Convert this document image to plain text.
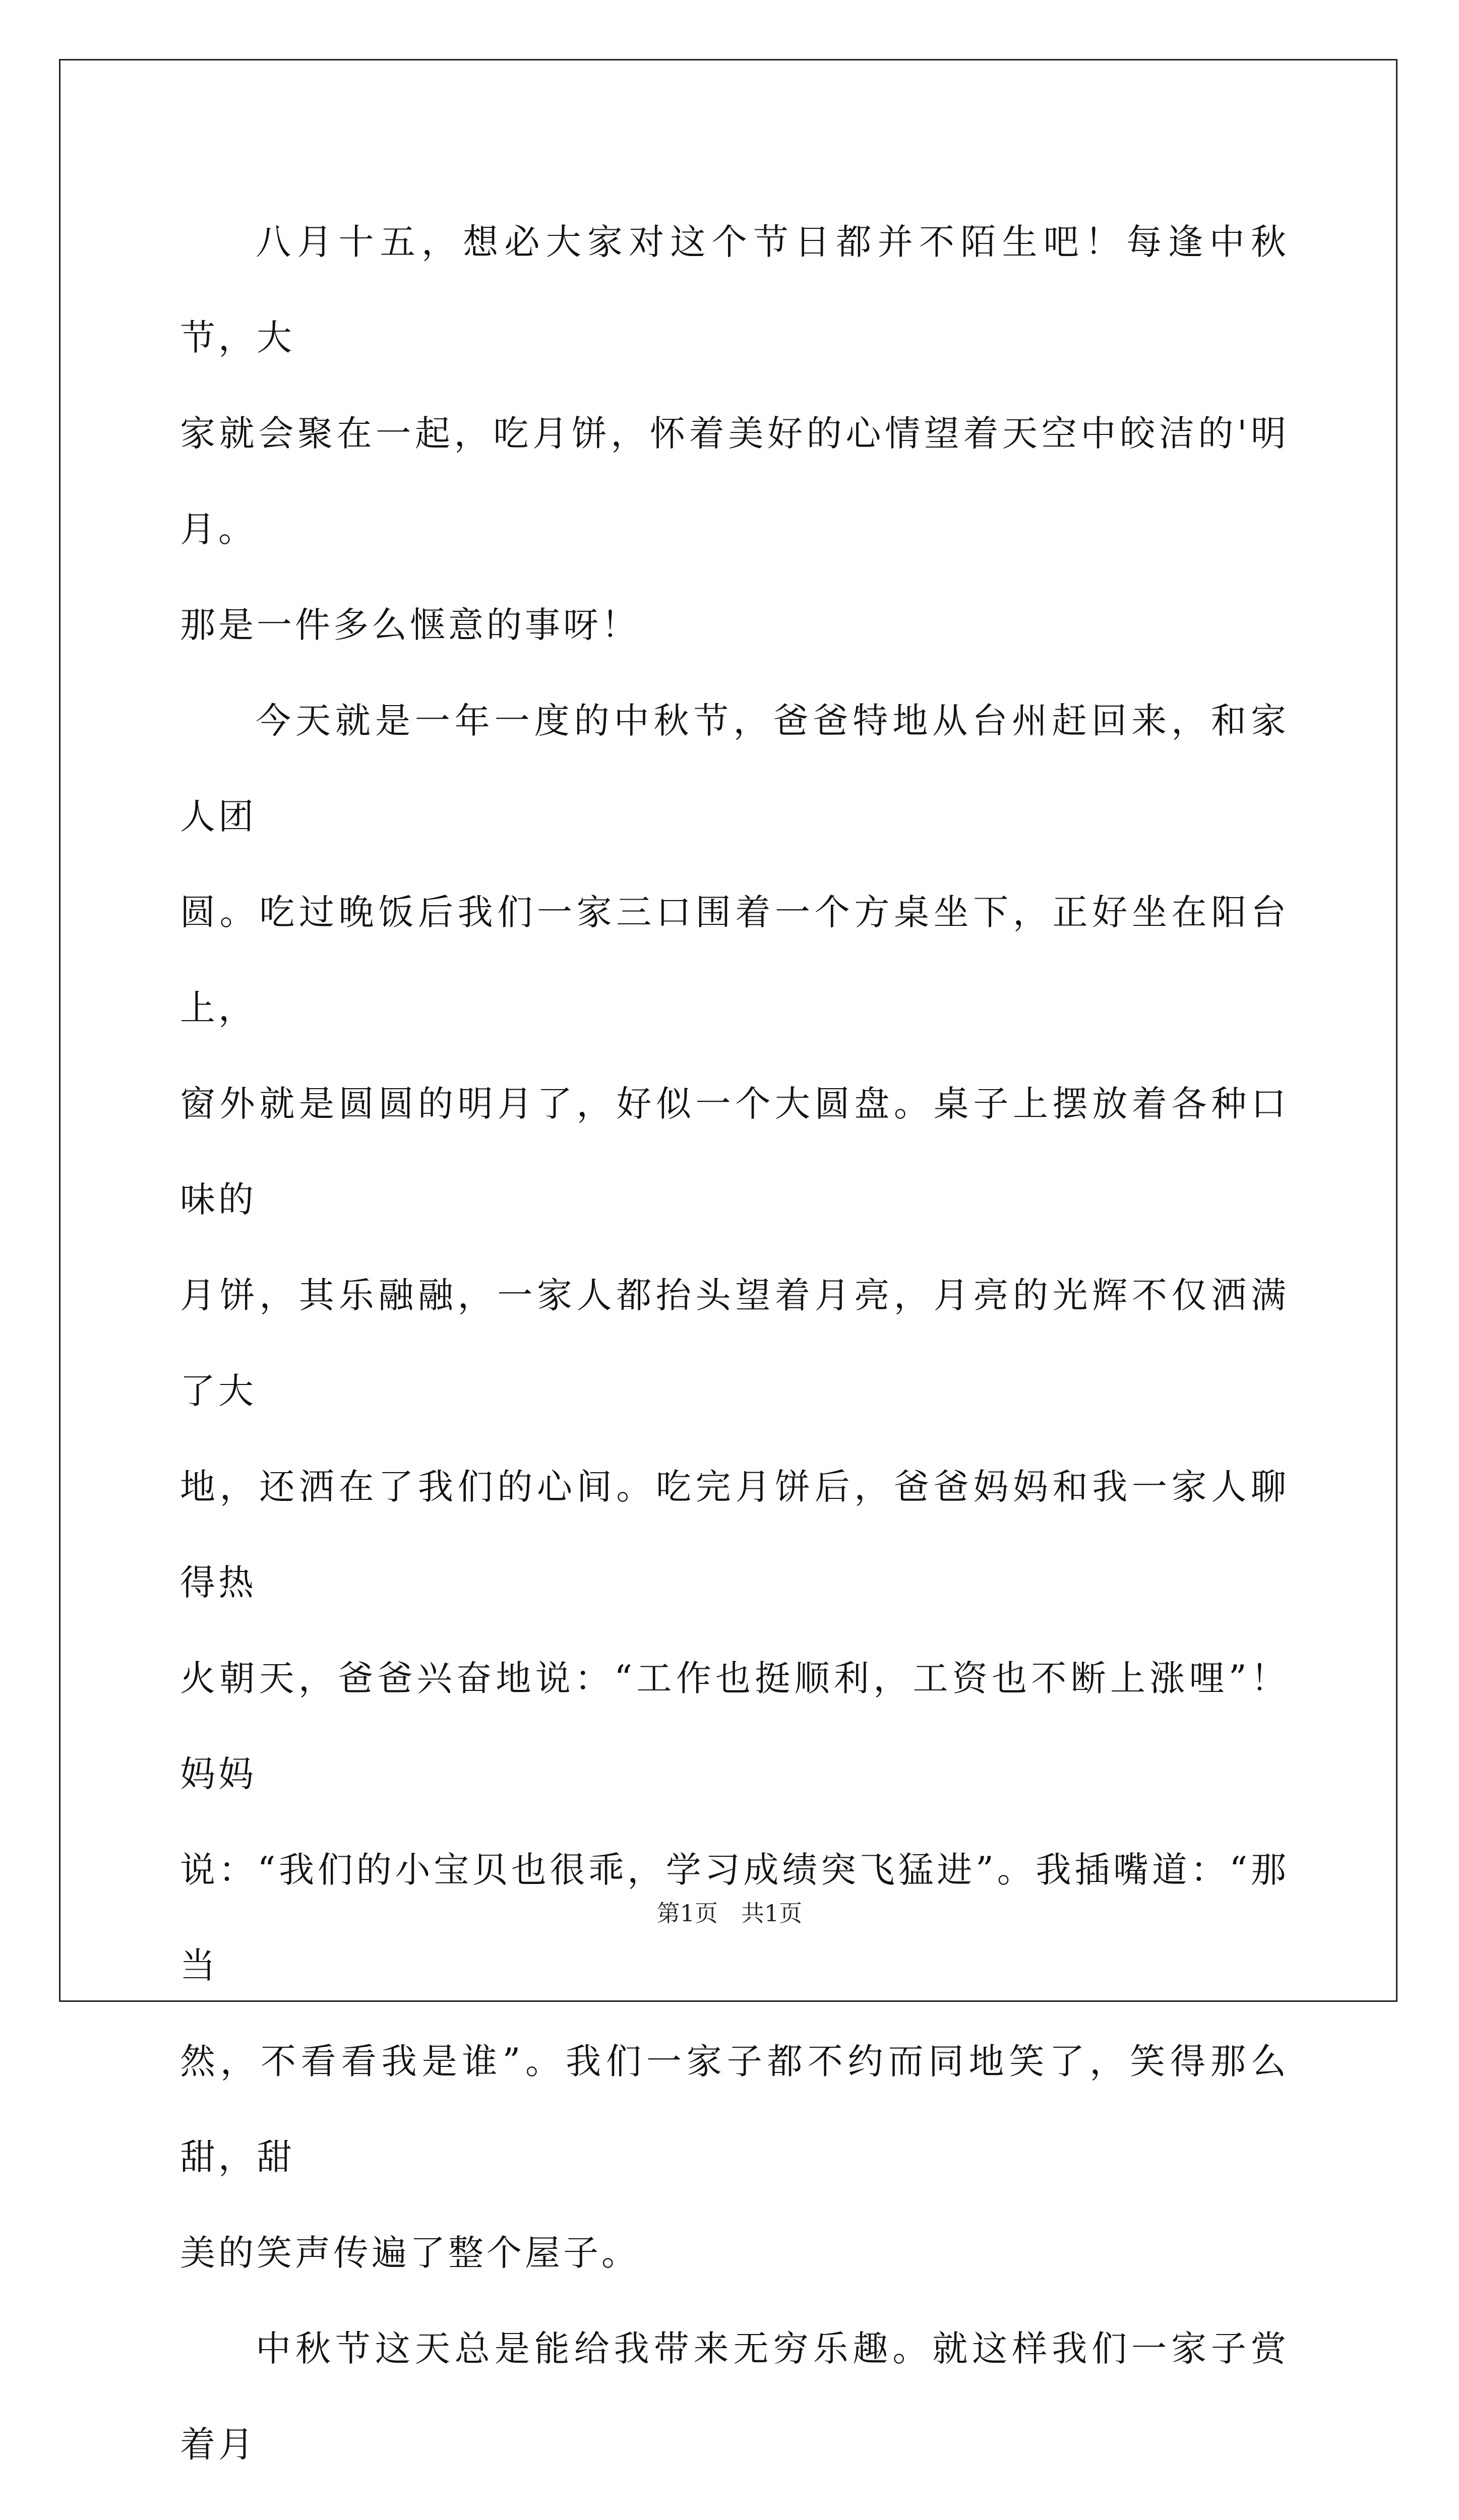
八月十五，想必大家对这个节日都并不陌生吧！每逢中秋节，大
家就会聚在一起，吃月饼，怀着美好的心情望着天空中皎洁的'明月。
那是一件多么惬意的事呀！

今天就是一年一度的中秋节，爸爸特地从台州赶回来，和家人团
圆。吃过晚饭后我们一家三口围着一个方桌坐下，正好坐在阳台上，
窗外就是圆圆的明月了，好似一个大圆盘。桌子上摆放着各种口味的
月饼，其乐融融，一家人都抬头望着月亮，月亮的光辉不仅洒满了大
地，还洒在了我们的心间。吃完月饼后，爸爸妈妈和我一家人聊得热
火朝天，爸爸兴奋地说：“工作也挺顺利，工资也不断上涨哩”！妈妈
说：“我们的小宝贝也很乖，学习成绩突飞猛进”。我插嘴道：“那当
然，不看看我是谁”。我们一家子都不约而同地笑了，笑得那么甜，甜
美的笑声传遍了整个屋子。

中秋节这天总是能给我带来无穷乐趣。就这样我们一家子赏着月

第1页　共1页
